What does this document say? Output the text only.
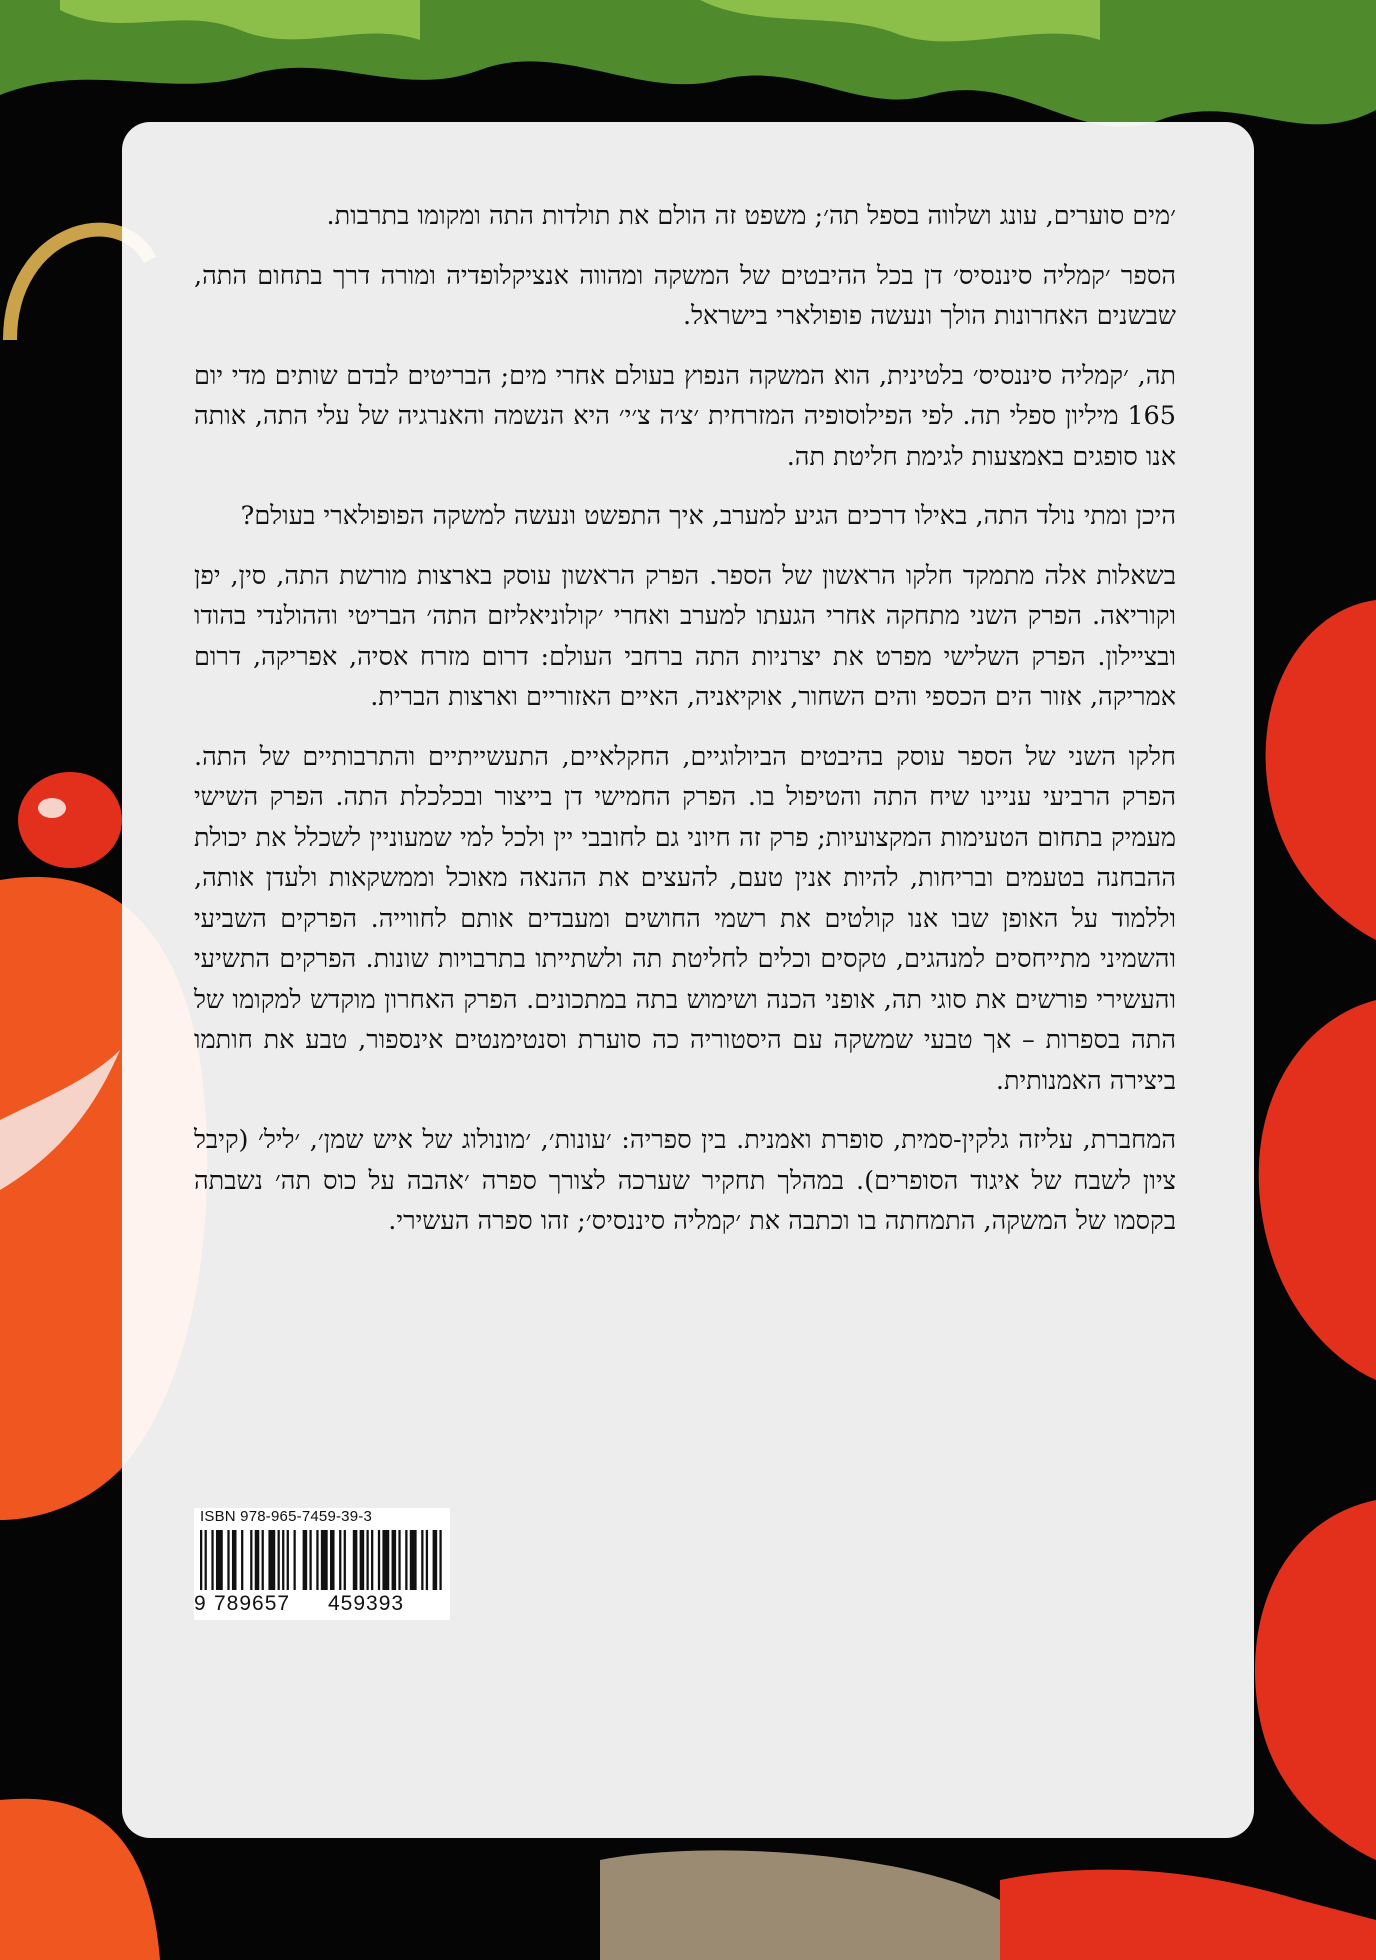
׳מים סוערים, עונג ושלווה בספל תה׳; משפט זה הולם את תולדות התה ומקומו בתרבות.

הספר ׳קמליה סיננסיס׳ דן בכל ההיבטים של המשקה ומהווה אנציקלופדיה ומורה דרך בתחום התה, שבשנים האחרונות הולך ונעשה פופולארי בישראל.

תה, ׳קמליה סיננסיס׳ בלטינית, הוא המשקה הנפוץ בעולם אחרי מים; הבריטים לבדם שותים מדי יום 165 מיליון ספלי תה. לפי הפילוסופיה המזרחית ׳צ׳ה צ׳י׳ היא הנשמה והאנרגיה של עלי התה, אותה אנו סופגים באמצעות לגימת חליטת תה.

היכן ומתי נולד התה, באילו דרכים הגיע למערב, איך התפשט ונעשה למשקה הפופולארי בעולם?

בשאלות אלה מתמקד חלקו הראשון של הספר. הפרק הראשון עוסק בארצות מורשת התה, סין, יפן וקוריאה. הפרק השני מתחקה אחרי הגעתו למערב ואחרי ׳קולוניאליזם התה׳ הבריטי וההולנדי בהודו ובציילון. הפרק השלישי מפרט את יצרניות התה ברחבי העולם: דרום מזרח אסיה, אפריקה, דרום אמריקה, אזור הים הכספי והים השחור, אוקיאניה, האיים האזוריים וארצות הברית.

חלקו השני של הספר עוסק בהיבטים הביולוגיים, החקלאיים, התעשייתיים והתרבותיים של התה. הפרק הרביעי עניינו שיח התה והטיפול בו. הפרק החמישי דן בייצור ובכלכלת התה. הפרק השישי מעמיק בתחום הטעימות המקצועיות; פרק זה חיוני גם לחובבי יין ולכל למי שמעוניין לשכלל את יכולת ההבחנה בטעמים ובריחות, להיות אנין טעם, להעצים את ההנאה מאוכל וממשקאות ולעדן אותה, וללמוד על האופן שבו אנו קולטים את רשמי החושים ומעבדים אותם לחווייה. הפרקים השביעי והשמיני מתייחסים למנהגים, טקסים וכלים לחליטת תה ולשתייתו בתרבויות שונות. הפרקים התשיעי והעשירי פורשים את סוגי תה, אופני הכנה ושימוש בתה במתכונים. הפרק האחרון מוקדש למקומו של התה בספרות – אך טבעי שמשקה עם היסטוריה כה סוערת וסנטימנטים אינספור, טבע את חותמו ביצירה האמנותית.

המחברת, עליזה גלקין-סמית, סופרת ואמנית. בין ספריה: ׳עונות׳, ׳מונולוג של איש שמן׳, ׳ליל׳ (קיבל ציון לשבח של איגוד הסופרים). במהלך תחקיר שערכה לצורך ספרה ׳אהבה על כוס תה׳ נשבתה בקסמו של המשקה, התמחתה בו וכתבה את ׳קמליה סיננסיס׳; זהו ספרה העשירי.

ISBN 978-965-7459-39-3
9 789657 459393
